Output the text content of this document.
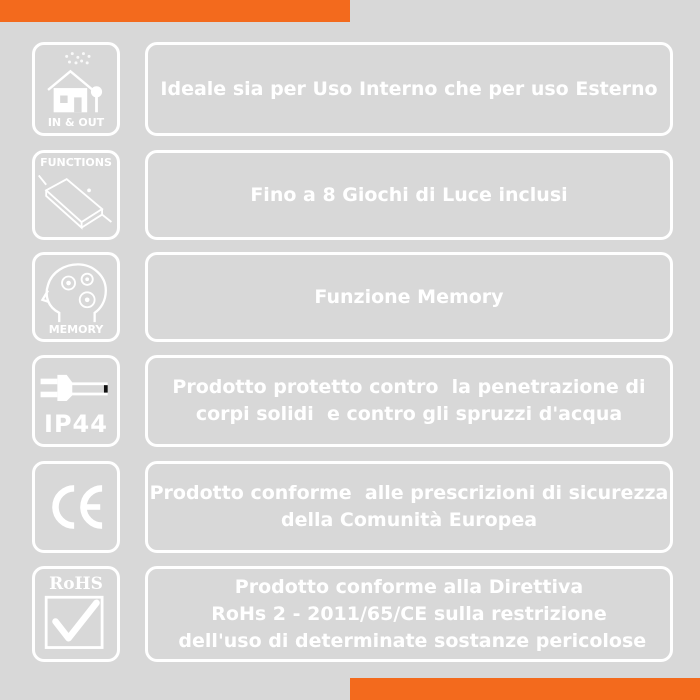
IN & OUT
Ideale sia per Uso Interno che per uso Esterno
FUNCTIONS
Fino a 8 Giochi di Luce inclusi
MEMORY
Funzione Memory
IP44
Prodotto protetto contro  la penetrazione di
corpi solidi  e contro gli spruzzi d'acqua
Prodotto conforme  alle prescrizioni di sicurezza
della Comunità Europea
RoHS	Prodotto conforme alla Direttiva
RoHs 2 - 2011/65/CE sulla restrizione
dell'uso di determinate sostanze pericolose
